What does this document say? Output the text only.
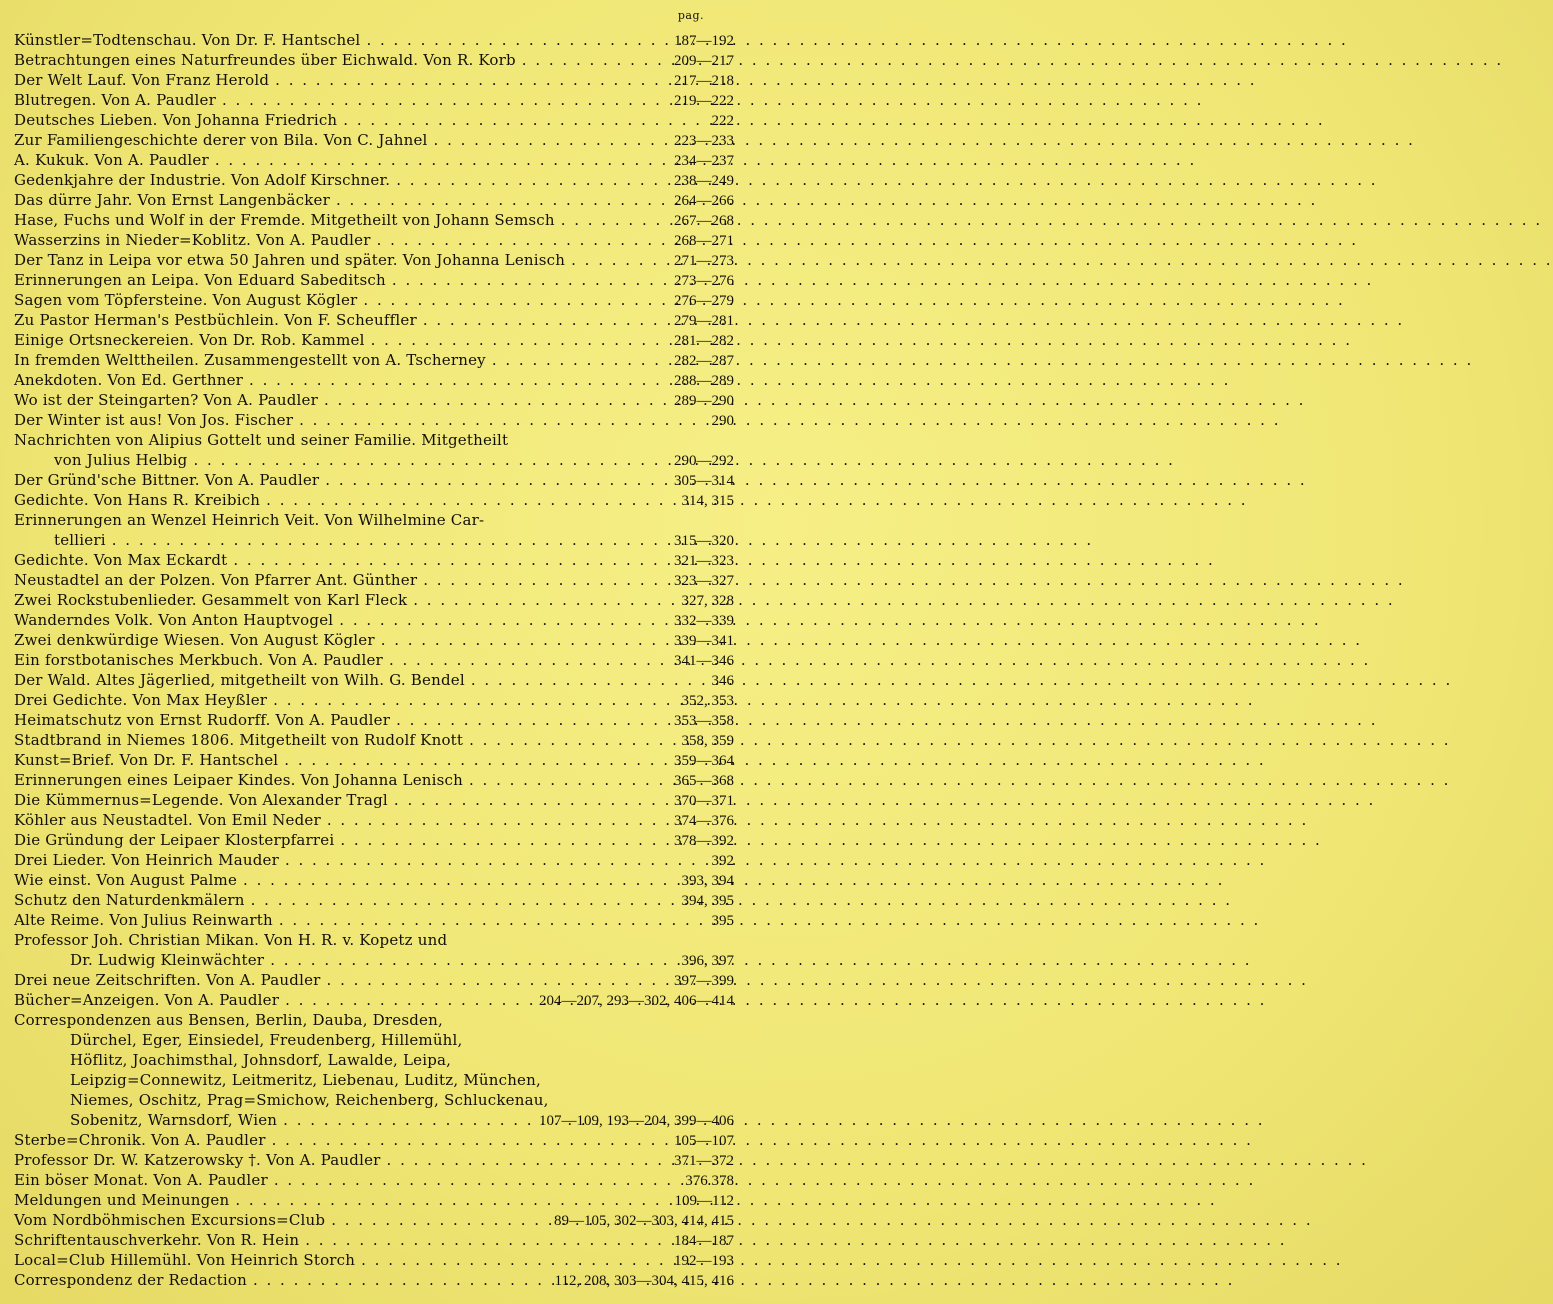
pag.
Künstler=Todtenschau. Von Dr. F. Hantschel . . .	187—192
Betrachtungen eines Naturfreundes über Eichwald. Von R. Korb . . .	209—217
Der Welt Lauf. Von Franz Herold . . .	217—218
Blutregen. Von A. Paudler . . .	219—222
Deutsches Lieben. Von Johanna Friedrich . . .	222
Zur Familiengeschichte derer von Bila. Von C. Jahnel . . .	223—233
A. Kukuk. Von A. Paudler . . .	234—237
Gedenkjahre der Industrie. Von Adolf Kirschner. . . .	238—249
Das dürre Jahr. Von Ernst Langenbäcker . . .	264—266
Hase, Fuchs und Wolf in der Fremde. Mitgetheilt von Johann Semsch . . .	267—268
Wasserzins in Nieder=Koblitz. Von A. Paudler . . .	268—271
Der Tanz in Leipa vor etwa 50 Jahren und später. Von Johanna Lenisch . . .	271—273
Erinnerungen an Leipa. Von Eduard Sabeditsch . . .	273—276
Sagen vom Töpfersteine. Von August Kögler . . .	276—279
Zu Pastor Herman's Pestbüchlein. Von F. Scheuffler . . .	279—281
Einige Ortsneckereien. Von Dr. Rob. Kammel . . .	281—282
In fremden Welttheilen. Zusammengestellt von A. Tscherney . . .	282—287
Anekdoten. Von Ed. Gerthner . . .	288—289
Wo ist der Steingarten? Von A. Paudler . . .	289—290
Der Winter ist aus! Von Jos. Fischer . . .	290
Nachrichten von Alipius Gottelt und seiner Familie. Mitgetheilt
von Julius Helbig . . .	290—292
Der Gründ'sche Bittner. Von A. Paudler . . .	305—314
Gedichte. Von Hans R. Kreibich . . .	314, 315
Erinnerungen an Wenzel Heinrich Veit. Von Wilhelmine Car-
tellieri . . .	315—320
Gedichte. Von Max Eckardt . . .	321—323
Neustadtel an der Polzen. Von Pfarrer Ant. Günther . . .	323—327
Zwei Rockstubenlieder. Gesammelt von Karl Fleck . . .	327, 328
Wanderndes Volk. Von Anton Hauptvogel . . .	332—339
Zwei denkwürdige Wiesen. Von August Kögler . . .	339—341
Ein forstbotanisches Merkbuch. Von A. Paudler . . .	341—346
Der Wald. Altes Jägerlied, mitgetheilt von Wilh. G. Bendel . . .	346
Drei Gedichte. Von Max Heyßler . . .	352, 353
Heimatschutz von Ernst Rudorff. Von A. Paudler . . .	353—358
Stadtbrand in Niemes 1806. Mitgetheilt von Rudolf Knott . . .	358, 359
Kunst=Brief. Von Dr. F. Hantschel . . .	359—364
Erinnerungen eines Leipaer Kindes. Von Johanna Lenisch . . .	365—368
Die Kümmernus=Legende. Von Alexander Tragl . . .	370—371
Köhler aus Neustadtel. Von Emil Neder . . .	374—376
Die Gründung der Leipaer Klosterpfarrei . . .	378—392
Drei Lieder. Von Heinrich Mauder . . .	392
Wie einst. Von August Palme . . .	393, 394
Schutz den Naturdenkmälern . . .	394, 395
Alte Reime. Von Julius Reinwarth . . .	395
Professor Joh. Christian Mikan. Von H. R. v. Kopetz und
Dr. Ludwig Kleinwächter . . .	396, 397
Drei neue Zeitschriften. Von A. Paudler . . .	397—399
Bücher=Anzeigen. Von A. Paudler . . .	204—207, 293—302, 406—414
Correspondenzen aus Bensen, Berlin, Dauba, Dresden,
Dürchel, Eger, Einsiedel, Freudenberg, Hillemühl,
Höflitz, Joachimsthal, Johnsdorf, Lawalde, Leipa,
Leipzig=Connewitz, Leitmeritz, Liebenau, Luditz, München,
Niemes, Oschitz, Prag=Smichow, Reichenberg, Schluckenau,
Sobenitz, Warnsdorf, Wien . . .	107—109, 193—204, 399—406
Sterbe=Chronik. Von A. Paudler . . .	105—107
Professor Dr. W. Katzerowsky †. Von A. Paudler . . .	371—372
Ein böser Monat. Von A. Paudler . . .	376 378
Meldungen und Meinungen . . .	109—112
Vom Nordböhmischen Excursions=Club . . .	89—105, 302—303, 414, 415
Schriftentauschverkehr. Von R. Hein . . .	184—187
Local=Club Hillemühl. Von Heinrich Storch . . .	192—193
Correspondenz der Redaction . . .	112, 208, 303—304, 415, 416
